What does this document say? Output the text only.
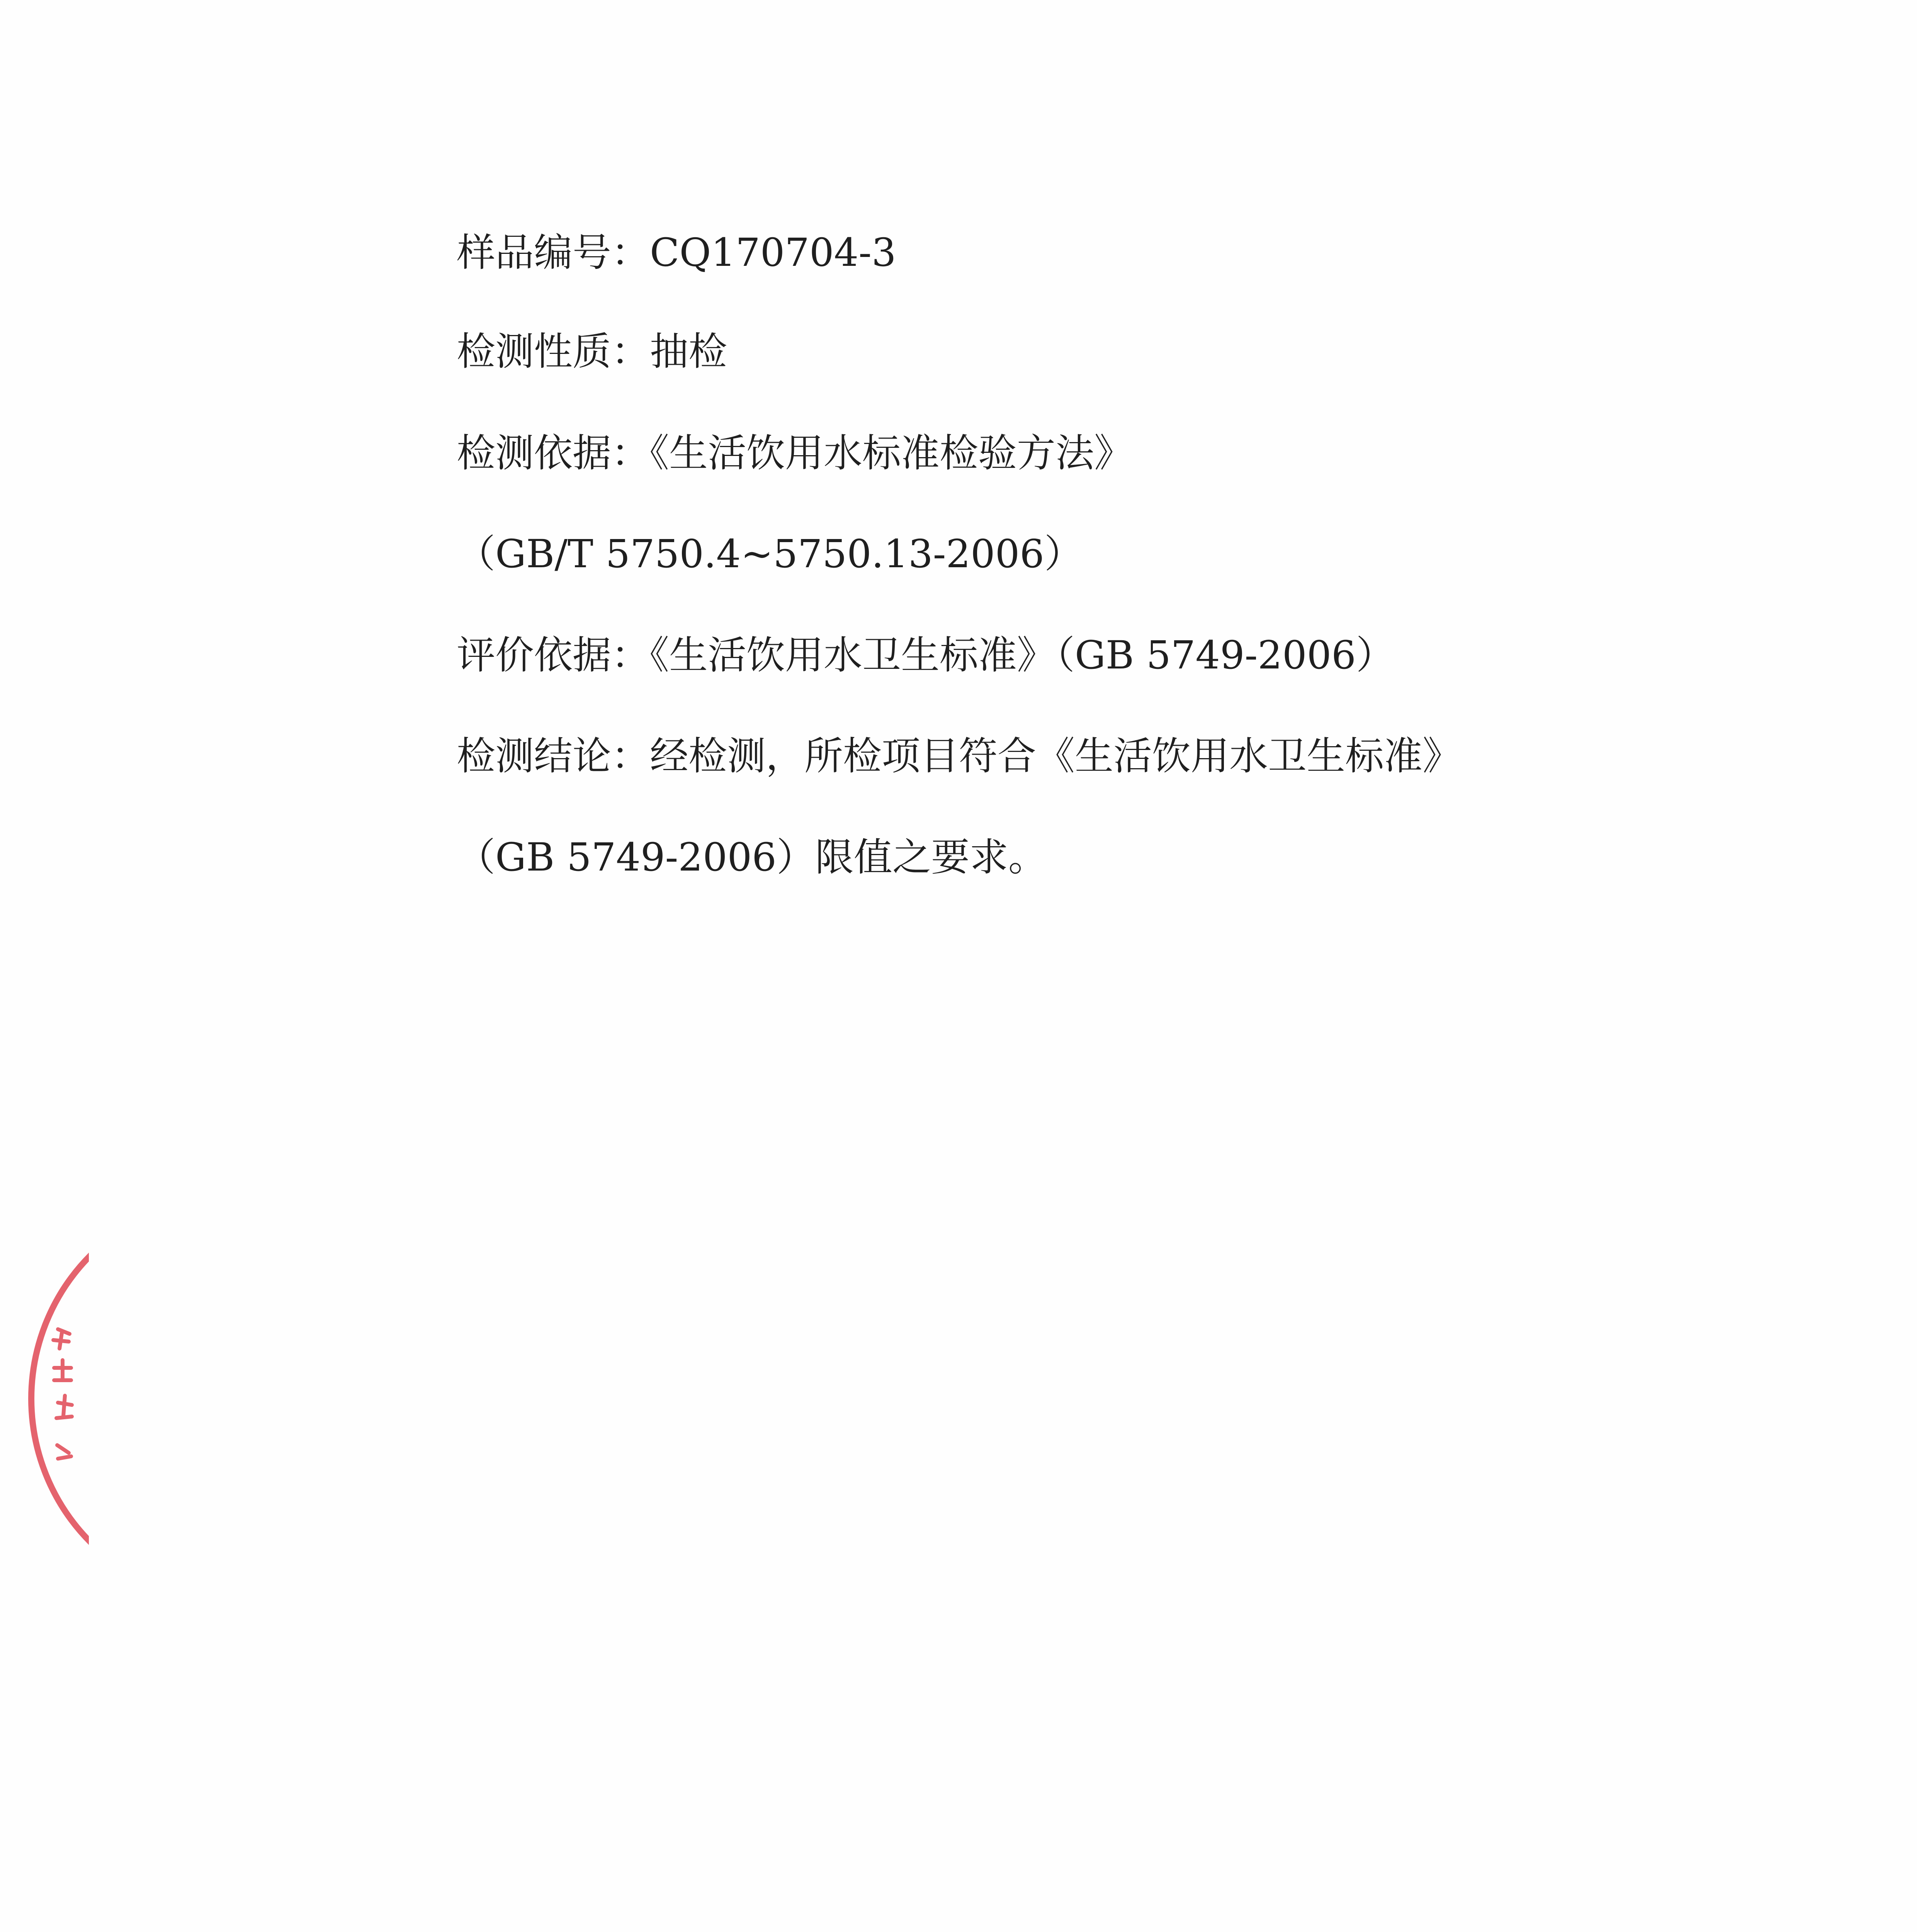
样品编号：CQ170704-3
检测性质：抽检
检测依据：《生活饮用水标准检验方法》
（GB/T 5750.4~5750.13-2006）
评价依据：《生活饮用水卫生标准》（GB 5749-2006）
检测结论：经检测，所检项目符合《生活饮用水卫生标准》
（GB 5749-2006）限值之要求。
